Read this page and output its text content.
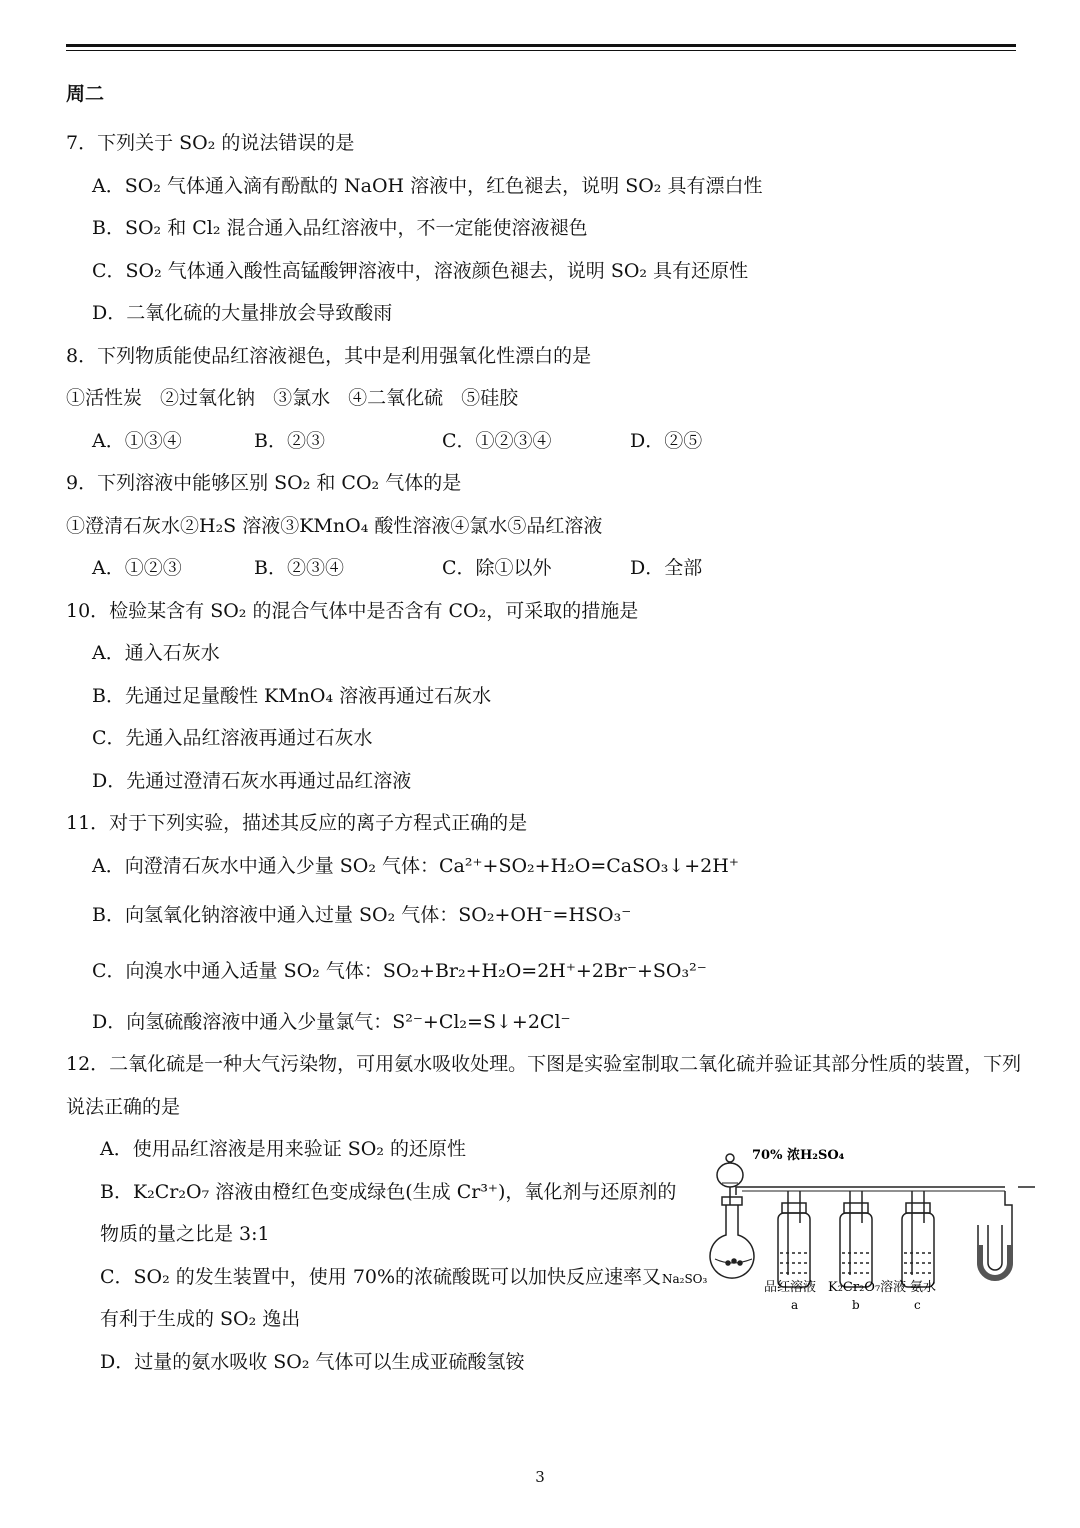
周二
7．下列关于 SO₂ 的说法错误的是
A．SO₂ 气体通入滴有酚酞的 NaOH 溶液中，红色褪去，说明 SO₂ 具有漂白性
B．SO₂ 和 Cl₂ 混合通入品红溶液中，不一定能使溶液褪色
C．SO₂ 气体通入酸性高锰酸钾溶液中，溶液颜色褪去，说明 SO₂ 具有还原性
D．二氧化硫的大量排放会导致酸雨
8．下列物质能使品红溶液褪色，其中是利用强氧化性漂白的是
①活性炭 ②过氧化钠 ③氯水 ④二氧化硫 ⑤硅胶
A．①③④	B．②③	C．①②③④	D．②⑤
9．下列溶液中能够区别 SO₂ 和 CO₂ 气体的是
①澄清石灰水②H₂S 溶液③KMnO₄ 酸性溶液④氯水⑤品红溶液
A．①②③	B．②③④	C．除①以外	D．全部
10．检验某含有 SO₂ 的混合气体中是否含有 CO₂，可采取的措施是
A．通入石灰水
B．先通过足量酸性 KMnO₄ 溶液再通过石灰水
C．先通入品红溶液再通过石灰水
D．先通过澄清石灰水再通过品红溶液
11．对于下列实验，描述其反应的离子方程式正确的是
A．向澄清石灰水中通入少量 SO₂ 气体：Ca²⁺+SO₂+H₂O=CaSO₃↓+2H⁺
B．向氢氧化钠溶液中通入过量 SO₂ 气体：SO₂+OH⁻=HSO₃⁻
C．向溴水中通入适量 SO₂ 气体：SO₂+Br₂+H₂O=2H⁺+2Br⁻+SO₃²⁻
D．向氢硫酸溶液中通入少量氯气：S²⁻+Cl₂=S↓+2Cl⁻
12．二氧化硫是一种大气污染物，可用氨水吸收处理。下图是实验室制取二氧化硫并验证其部分性质的装置，下列
说法正确的是
A．使用品红溶液是用来验证 SO₂ 的还原性
B．K₂Cr₂O₇ 溶液由橙红色变成绿色(生成 Cr³⁺)，氧化剂与还原剂的
物质的量之比是 3:1
C．SO₂ 的发生装置中，使用 70%的浓硫酸既可以加快反应速率又
有利于生成的 SO₂ 逸出
D．过量的氨水吸收 SO₂ 气体可以生成亚硫酸氢铵
70% 浓H₂SO₄
Na₂SO₃
品红溶液 K₂Cr₂O₇溶液 氨水
a	b	c
3
